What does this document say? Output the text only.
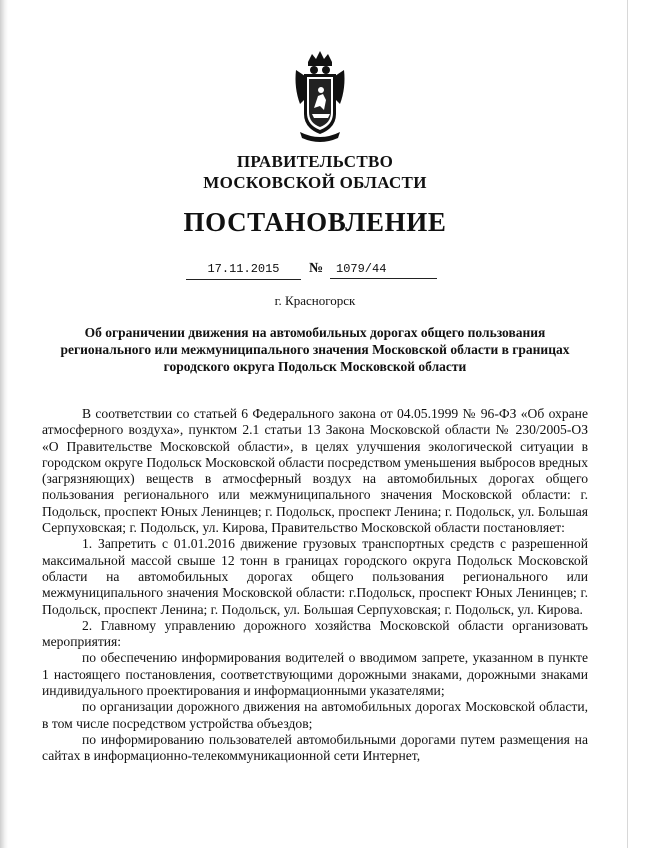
ПРАВИТЕЛЬСТВО
МОСКОВСКОЙ ОБЛАСТИ
ПОСТАНОВЛЕНИЕ
17.11.2015	№	1079/44
г. Красногорск
Об ограничении движения на автомобильных дорогах общего пользования регионального или межмуниципального значения Московской области в границах городского округа Подольск Московской области

В соответствии со статьей 6 Федерального закона от 04.05.1999 № 96-ФЗ «Об охране атмосферного воздуха», пунктом 2.1 статьи 13 Закона Московской области № 230/2005-ОЗ «О Правительстве Московской области», в целях улучшения экологической ситуации в городском округе Подольск Московской области посредством уменьшения выбросов вредных (загрязняющих) веществ в атмосферный воздух на автомобильных дорогах общего пользования регионального или межмуниципального значения Московской области: г. Подольск, проспект Юных Ленинцев; г. Подольск, проспект Ленина; г. Подольск, ул. Большая Серпуховская; г. Подольск, ул. Кирова, Правительство Московской области постановляет:

1. Запретить с 01.01.2016 движение грузовых транспортных средств с разрешенной максимальной массой свыше 12 тонн в границах городского округа Подольск Московской области на автомобильных дорогах общего пользования регионального или межмуниципального значения Московской области: г.Подольск, проспект Юных Ленинцев; г. Подольск, проспект Ленина; г. Подольск, ул. Большая Серпуховская; г. Подольск, ул. Кирова.

2. Главному управлению дорожного хозяйства Московской области организовать мероприятия:

по обеспечению информирования водителей о вводимом запрете, указанном в пункте 1 настоящего постановления, соответствующими дорожными знаками, дорожными знаками индивидуального проектирования и информационными указателями;

по организации дорожного движения на автомобильных дорогах Московской области, в том числе посредством устройства объездов;

по информированию пользователей автомобильными дорогами путем размещения на сайтах в информационно-телекоммуникационной сети Интернет,
